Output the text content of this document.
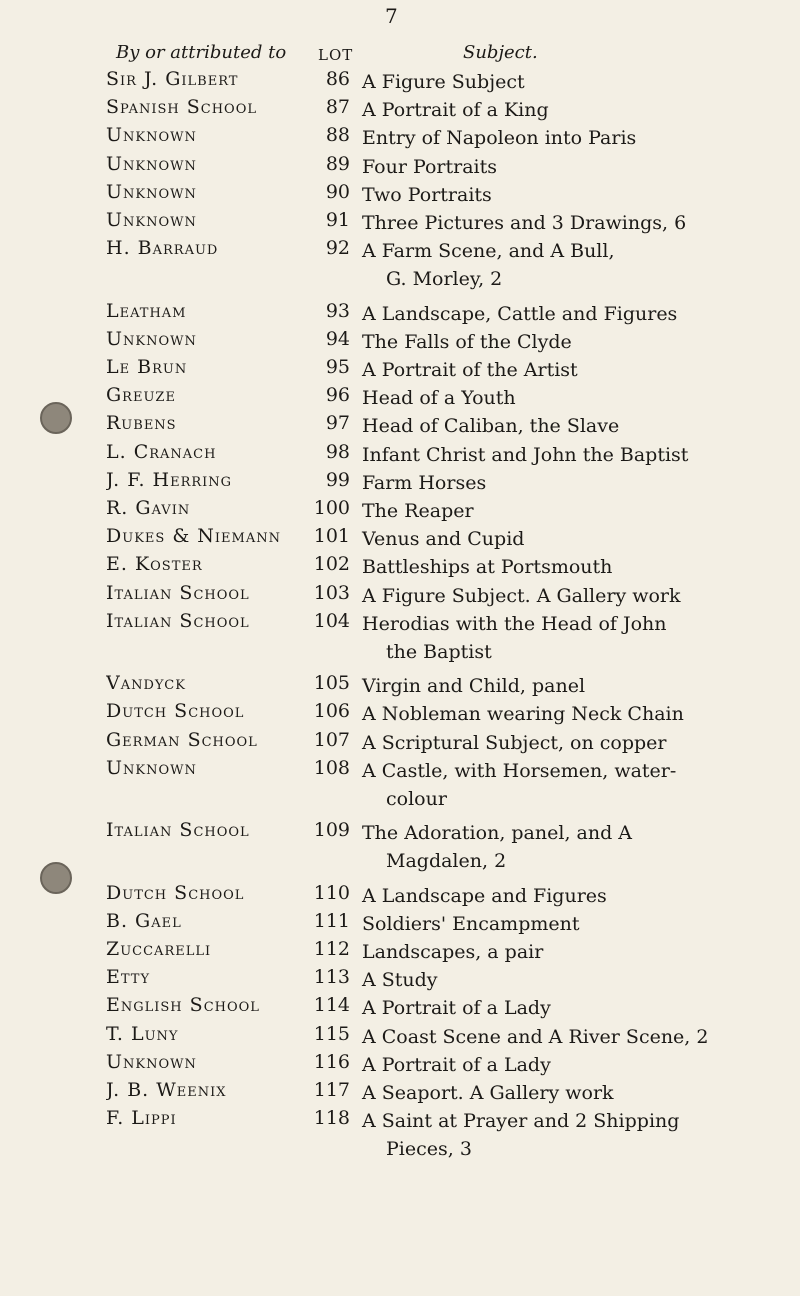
7
By or attributed to LOT	Subject.
Sir J. Gilbert	86 A Figure Subject
Spanish School	87 A Portrait of a King
Unknown	88 Entry of Napoleon into Paris
Unknown	89 Four Portraits
Unknown	90 Two Portraits
Unknown	91 Three Pictures and 3 Drawings, 6
H. Barraud	92 A Farm Scene, and A Bull,
G. Morley, 2
Leatham	93 A Landscape, Cattle and Figures
Unknown	94 The Falls of the Clyde
Le Brun	95 A Portrait of the Artist
Greuze	96 Head of a Youth
Rubens	97 Head of Caliban, the Slave
L. Cranach	98 Infant Christ and John the Baptist
J. F. Herring	99 Farm Horses
R. Gavin	100 The Reaper
Dukes & Niemann	101 Venus and Cupid
E. Koster	102 Battleships at Portsmouth
Italian School	103 A Figure Subject. A Gallery work
Italian School	104 Herodias with the Head of John
the Baptist
Vandyck	105 Virgin and Child, panel
Dutch School	106 A Nobleman wearing Neck Chain
German School	107 A Scriptural Subject, on copper
Unknown	108 A Castle, with Horsemen, water-
colour
Italian School	109 The Adoration, panel, and A
Magdalen, 2
Dutch School	110 A Landscape and Figures
B. Gael	111 Soldiers' Encampment
Zuccarelli	112 Landscapes, a pair
Etty	113 A Study
English School	114 A Portrait of a Lady
T. Luny	115 A Coast Scene and A River Scene, 2
Unknown	116 A Portrait of a Lady
J. B. Weenix	117 A Seaport. A Gallery work
F. Lippi	118 A Saint at Prayer and 2 Shipping
Pieces, 3
